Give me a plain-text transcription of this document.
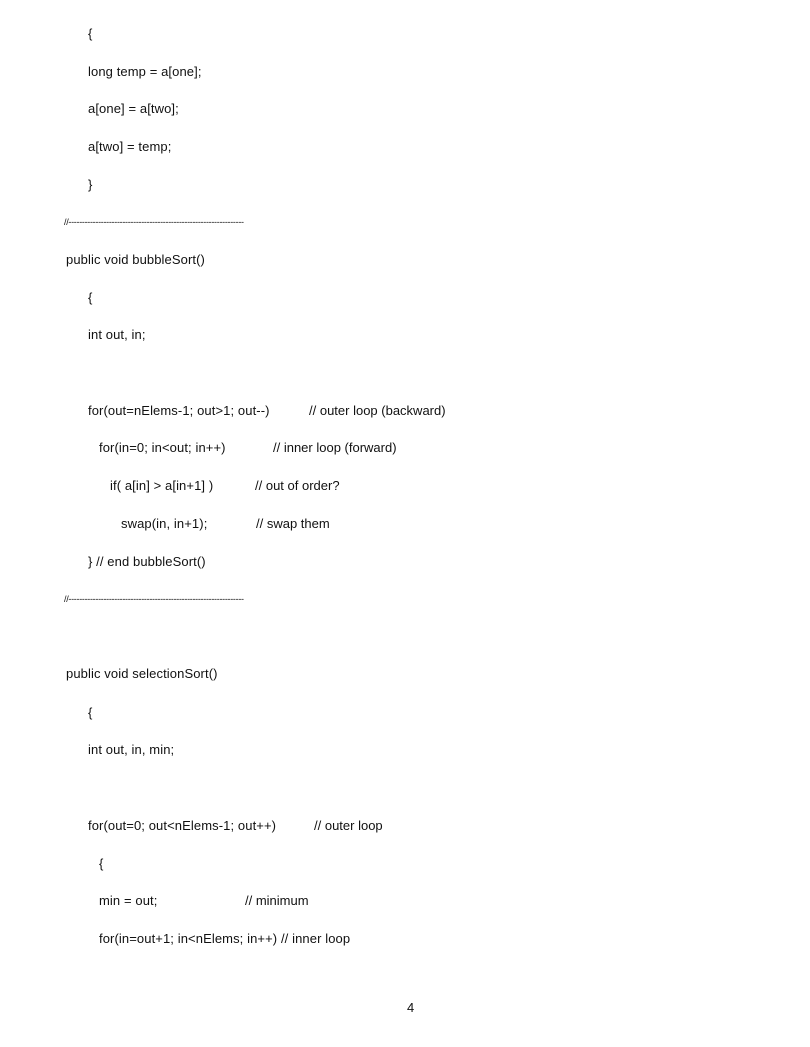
{
long temp = a[one];
a[one] = a[two];
a[two] = temp;
}
//-----------------------------------------------------------------
public void bubbleSort()
{
int out, in;
for(out=nElems-1; out>1; out--)	// outer loop (backward)
for(in=0; in<out; in++)	// inner loop (forward)
if( a[in] > a[in+1] )	// out of order?
swap(in, in+1);	// swap them
} // end bubbleSort()
//-----------------------------------------------------------------
public void selectionSort()
{
int out, in, min;
for(out=0; out<nElems-1; out++)	// outer loop
{
min = out;	// minimum
for(in=out+1; in<nElems; in++) // inner loop
4
